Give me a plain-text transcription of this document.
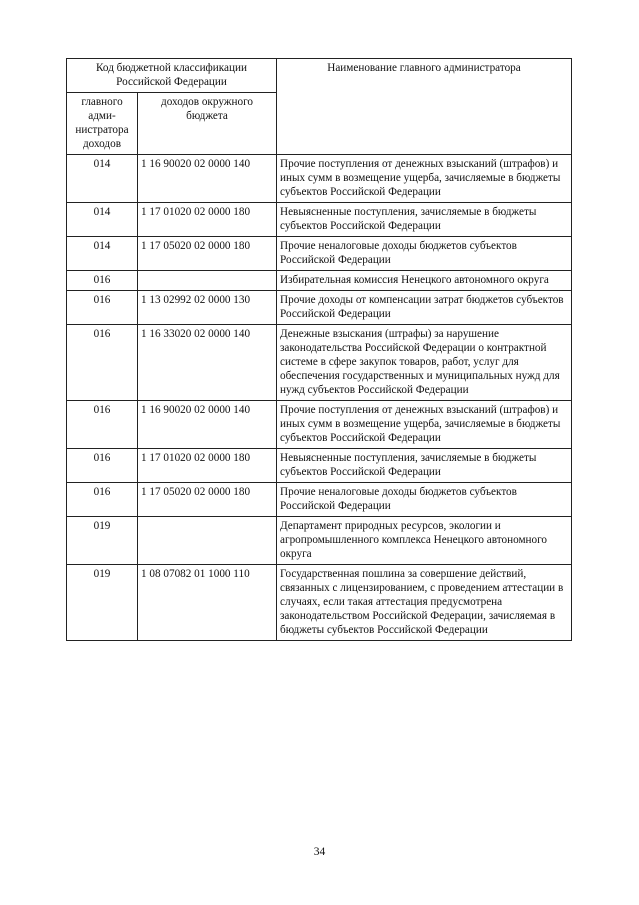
Код бюджетной классификации Российской Федерации		Наименование главного администратора
главного адми-нистратора доходов	доходов окружного бюджета	
014	1 16 90020 02 0000 140	Прочие поступления от денежных взысканий (штрафов) и иных сумм в возмещение ущерба, зачисляемые в бюджеты субъектов Российской Федерации
014	1 17 01020 02 0000 180	Невыясненные поступления, зачисляемые в бюджеты субъектов Российской Федерации
014	1 17 05020 02 0000 180	Прочие неналоговые доходы бюджетов субъектов Российской Федерации
016		Избирательная комиссия Ненецкого автономного округа
016	1 13 02992 02 0000 130	Прочие доходы от компенсации затрат бюджетов субъектов Российской Федерации
016	1 16 33020 02 0000 140	Денежные взыскания (штрафы) за нарушение законодательства Российской Федерации о контрактной системе в сфере закупок товаров, работ, услуг для обеспечения государственных и муниципальных нужд для нужд субъектов Российской Федерации
016	1 16 90020 02 0000 140	Прочие поступления от денежных взысканий (штрафов) и иных сумм в возмещение ущерба, зачисляемые в бюджеты субъектов Российской Федерации
016	1 17 01020 02 0000 180	Невыясненные поступления, зачисляемые в бюджеты субъектов Российской Федерации
016	1 17 05020 02 0000 180	Прочие неналоговые доходы бюджетов субъектов Российской Федерации
019		Департамент природных ресурсов, экологии и агропромышленного комплекса Ненецкого автономного округа
019	1 08 07082 01 1000 110	Государственная пошлина за совершение действий, связанных с лицензированием, с проведением аттестации в случаях, если такая аттестация предусмотрена законодательством Российской Федерации, зачисляемая в бюджеты субъектов Российской Федерации
34
